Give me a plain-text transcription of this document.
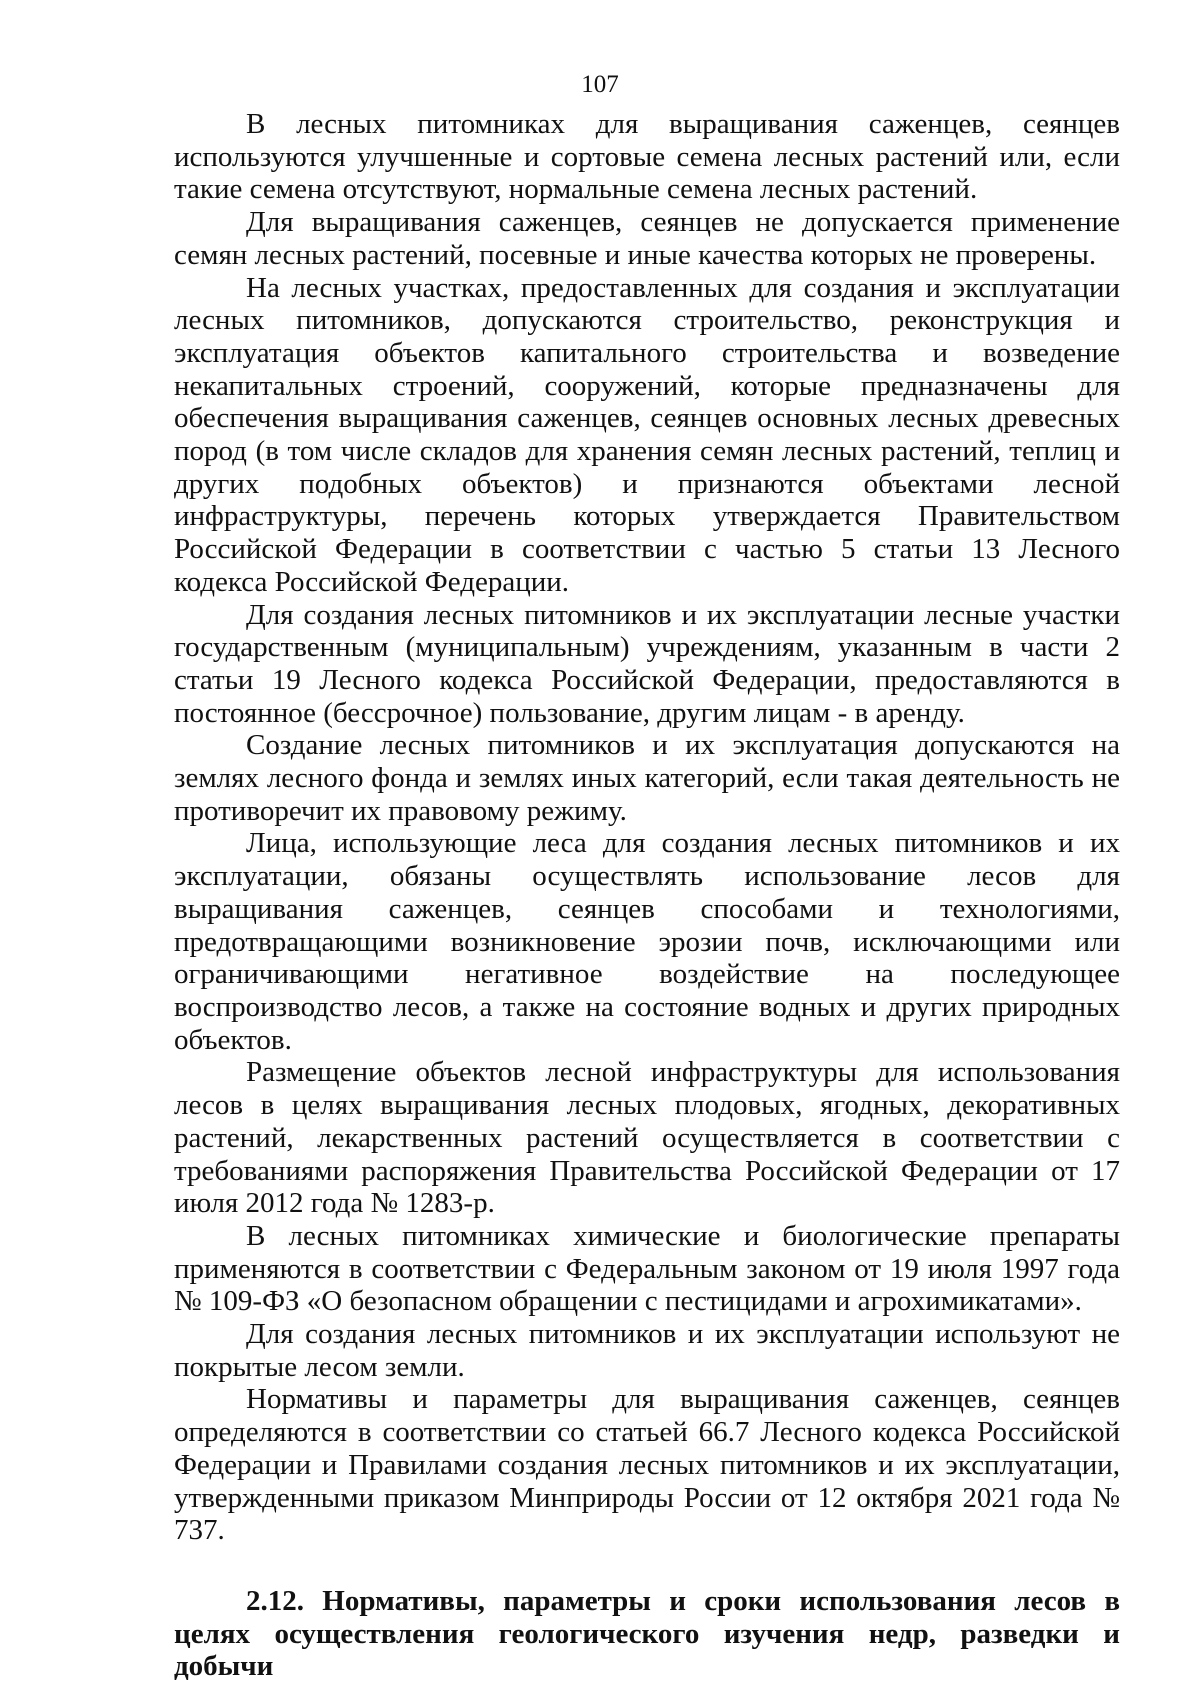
107

В лесных питомниках для выращивания саженцев, сеянцев используются улучшенные и сортовые семена лесных растений или, если такие семена отсутствуют, нормальные семена лесных растений.

Для выращивания саженцев, сеянцев не допускается применение семян лесных растений, посевные и иные качества которых не проверены.

На лесных участках, предоставленных для создания и эксплуатации лесных питомников, допускаются строительство, реконструкция и эксплуатация объектов капитального строительства и возведение некапитальных строений, сооружений, которые предназначены для обеспечения выращивания саженцев, сеянцев основных лесных древесных пород (в том числе складов для хранения семян лесных растений, теплиц и других подобных объектов) и признаются объектами лесной инфраструктуры, перечень которых утверждается Правительством Российской Федерации в соответствии с частью 5 статьи 13 Лесного кодекса Российской Федерации.

Для создания лесных питомников и их эксплуатации лесные участки государственным (муниципальным) учреждениям, указанным в части 2 статьи 19 Лесного кодекса Российской Федерации, предоставляются в постоянное (бессрочное) пользование, другим лицам - в аренду.

Создание лесных питомников и их эксплуатация допускаются на землях лесного фонда и землях иных категорий, если такая деятельность не противоречит их правовому режиму.

Лица, использующие леса для создания лесных питомников и их эксплуатации, обязаны осуществлять использование лесов для выращивания саженцев, сеянцев способами и технологиями, предотвращающими возникновение эрозии почв, исключающими или ограничивающими негативное воздействие на последующее воспроизводство лесов, а также на состояние водных и других природных объектов.

Размещение объектов лесной инфраструктуры для использования лесов в целях выращивания лесных плодовых, ягодных, декоративных растений, лекарственных растений осуществляется в соответствии с требованиями распоряжения Правительства Российской Федерации от 17 июля 2012 года № 1283-р.

В лесных питомниках химические и биологические препараты применяются в соответствии с Федеральным законом от 19 июля 1997 года № 109-ФЗ «О безопасном обращении с пестицидами и агрохимикатами».

Для создания лесных питомников и их эксплуатации используют не покрытые лесом земли.

Нормативы и параметры для выращивания саженцев, сеянцев определяются в соответствии со статьей 66.7 Лесного кодекса Российской Федерации и Правилами создания лесных питомников и их эксплуатации, утвержденными приказом Минприроды России от 12 октября 2021 года № 737.

2.12. Нормативы, параметры и сроки использования лесов в целях осуществления геологического изучения недр, разведки и добычи
